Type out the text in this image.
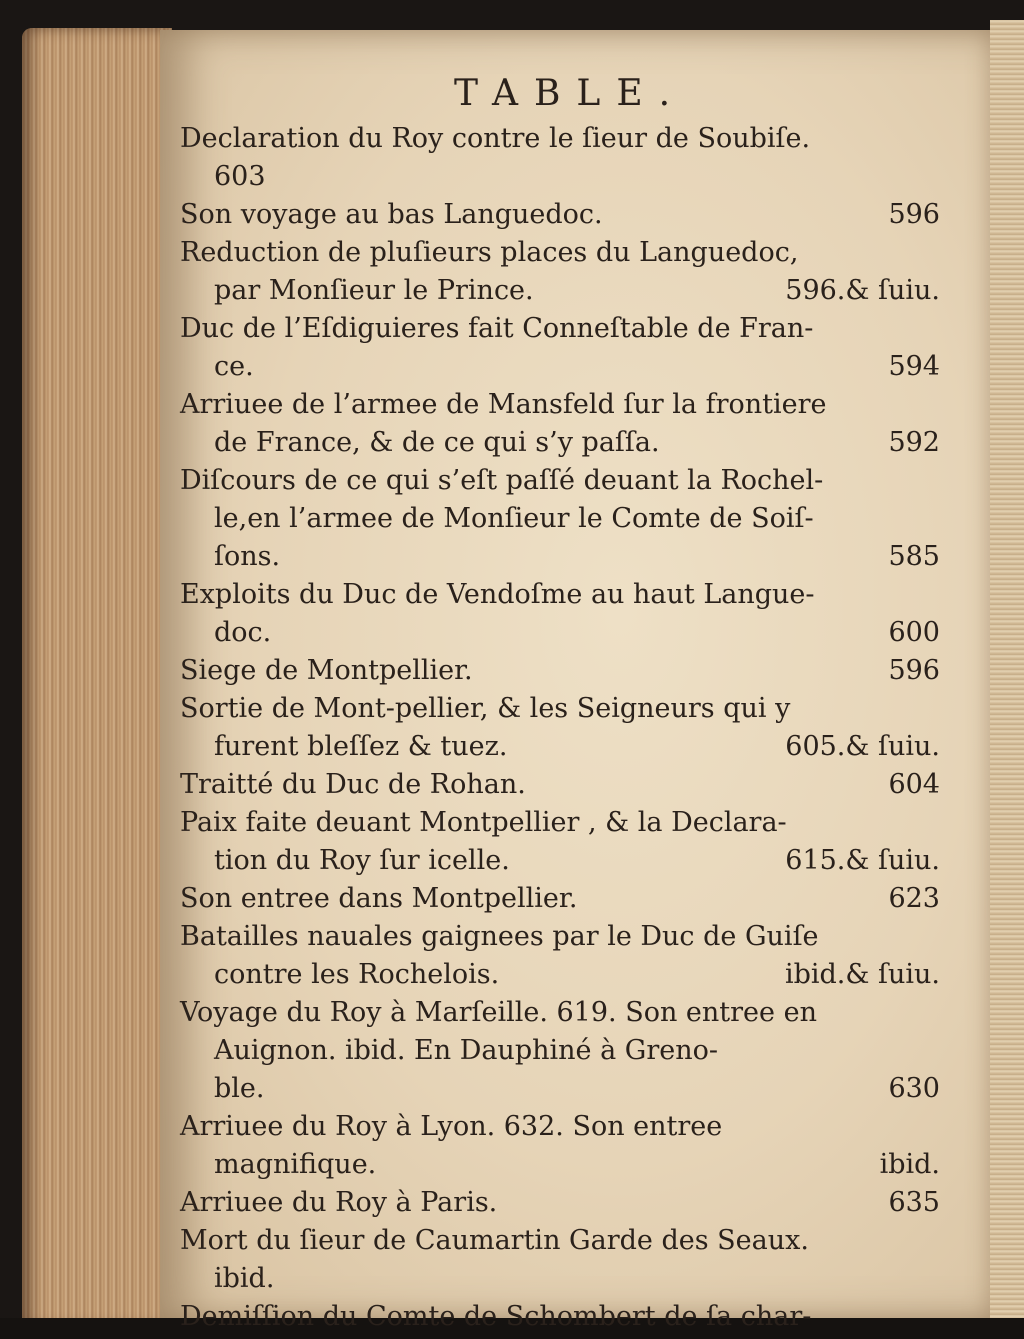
TABLE.
Declaration du Roy contre le ſieur de Soubiſe.
603
Son voyage au bas Languedoc.	596
Reduction de pluſieurs places du Languedoc,
par Monſieur le Prince.	596.& ſuiu.
Duc de l’Eſdiguieres fait Conneſtable de Fran-
ce.	594
Arriuee de l’armee de Mansfeld ſur la frontiere
de France, & de ce qui s’y paſſa.	592
Diſcours de ce qui s’eſt paſſé deuant la Rochel-
le,en l’armee de Monſieur le Comte de Soiſ-
ſons.	585
Exploits du Duc de Vendoſme au haut Langue-
doc.	600
Siege de Montpellier.	596
Sortie de Mont-pellier, & les Seigneurs qui y
furent bleſſez & tuez.	605.& ſuiu.
Traitté du Duc de Rohan.	604
Paix faite deuant Montpellier , & la Declara-
tion du Roy ſur icelle.	615.& ſuiu.
Son entree dans Montpellier.	623
Batailles nauales gaignees par le Duc de Guiſe
contre les Rochelois.	ibid.& ſuiu.
Voyage du Roy à Marſeille. 619. Son entree en
Auignon. ibid. En Dauphiné à Greno-
ble.	630
Arriuee du Roy à Lyon. 632. Son entree
magnifique.	ibid.
Arriuee du Roy à Paris.	635
Mort du ſieur de Caumartin Garde des Seaux.
ibid.
Demiſſion du Comte de Schombert de ſa char-
